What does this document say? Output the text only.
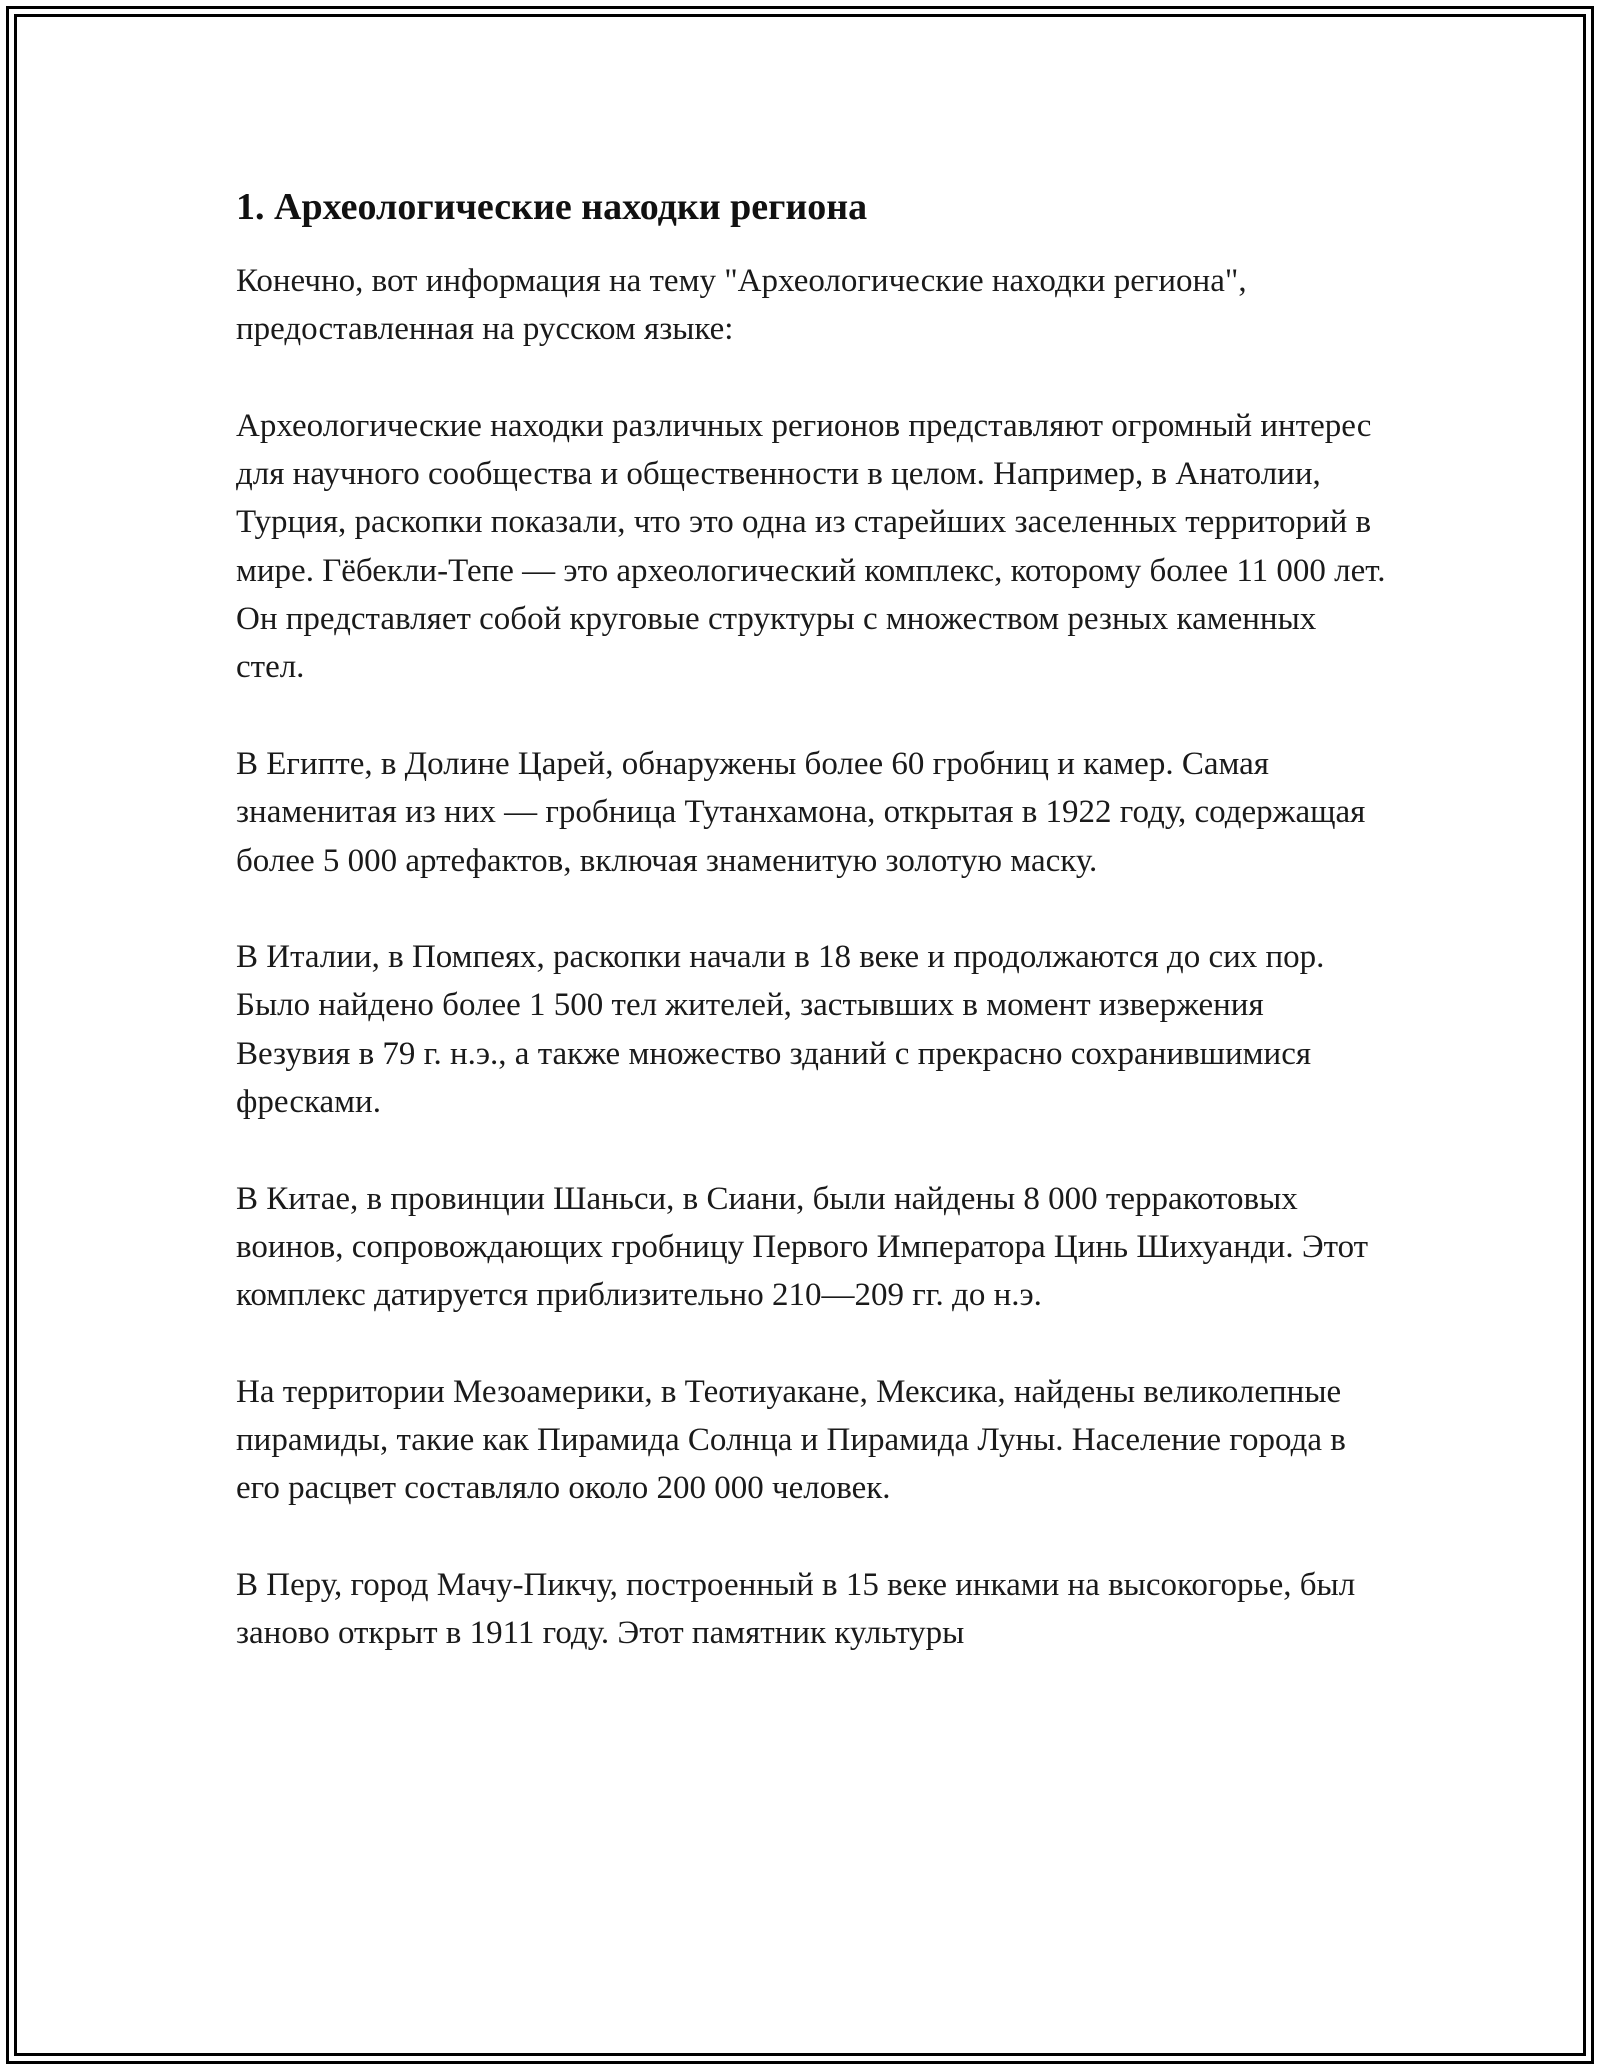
1. Археологические находки региона

Конечно, вот информация на тему "Археологические находки региона", предоставленная на русском языке:

Археологические находки различных регионов представляют огромный интерес для научного сообщества и общественности в целом. Например, в Анатолии, Турция, раскопки показали, что это одна из старейших заселенных территорий в мире. Гёбекли-Тепе — это археологический комплекс, которому более 11 000 лет. Он представляет собой круговые структуры с множеством резных каменных стел.

В Египте, в Долине Царей, обнаружены более 60 гробниц и камер. Самая знаменитая из них — гробница Тутанхамона, открытая в 1922 году, содержащая более 5 000 артефактов, включая знаменитую золотую маску.

В Италии, в Помпеях, раскопки начали в 18 веке и продолжаются до сих пор. Было найдено более 1 500 тел жителей, застывших в момент извержения Везувия в 79 г. н.э., а также множество зданий с прекрасно сохранившимися фресками.

В Китае, в провинции Шаньси, в Сиани, были найдены 8 000 терракотовых воинов, сопровождающих гробницу Первого Императора Цинь Шихуанди. Этот комплекс датируется приблизительно 210—209 гг. до н.э.

На территории Мезоамерики, в Теотиуакане, Мексика, найдены великолепные пирамиды, такие как Пирамида Солнца и Пирамида Луны. Население города в его расцвет составляло около 200 000 человек.

В Перу, город Мачу-Пикчу, построенный в 15 веке инками на высокогорье, был заново открыт в 1911 году. Этот памятник культуры
